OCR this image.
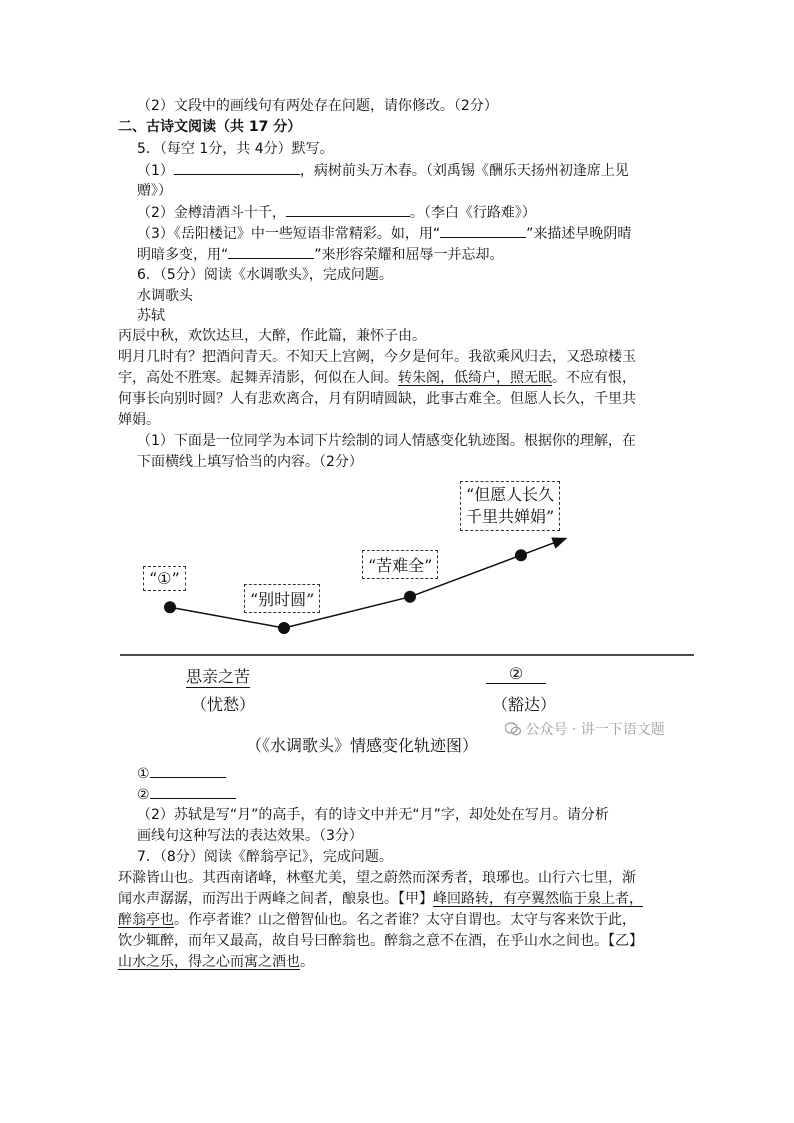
（2）文段中的画线句有两处存在问题，请你修改。（2分）
二、古诗文阅读（共 17 分）
5．（每空 1分，共 4分）默写。
（1）	，病树前头万木春。（刘禹锡《酬乐天扬州初逢席上见
赠》）
（2）金樽清酒斗十千，	。（李白《行路难》）
（3）《岳阳楼记》中一些短语非常精彩。如，用“	”来描述早晚阴晴
明暗多变，用“	”来形容荣耀和屈辱一并忘却。
6．（5分）阅读《水调歌头》，完成问题。
水调歌头
苏轼
丙辰中秋，欢饮达旦，大醉，作此篇，兼怀子由。
明月几时有？把酒问青天。不知天上宫阙，今夕是何年。我欲乘风归去，又恐琼楼玉
宇，高处不胜寒。起舞弄清影，何似在人间。转朱阁，低绮户，照无眠。不应有恨，
何事长向别时圆？人有悲欢离合，月有阴晴圆缺，此事古难全。但愿人长久，千里共
婵娟。
（1）下面是一位同学为本词下片绘制的词人情感变化轨迹图。根据你的理解，在
下面横线上填写恰当的内容。（2分）
“①”
“别时圆”
“苦难全”
“但愿人长久
千里共婵娟”
思亲之苦
（忧愁）
②
（豁达）
（《水调歌头》情感变化轨迹图）
公众号 · 讲一下语文题
①
②
（2）苏轼是写“月”的高手，有的诗文中并无“月”字，却处处在写月。请分析
画线句这种写法的表达效果。（3分）
7．（8分）阅读《醉翁亭记》，完成问题。
环滁皆山也。其西南诸峰，林壑尤美，望之蔚然而深秀者，琅琊也。山行六七里，渐
闻水声潺潺，而泻出于两峰之间者，酿泉也。【甲】峰回路转，有亭翼然临于泉上者，
醉翁亭也。作亭者谁？山之僧智仙也。名之者谁？太守自谓也。太守与客来饮于此，
饮少辄醉，而年又最高，故自号曰醉翁也。醉翁之意不在酒，在乎山水之间也。【乙】
山水之乐，得之心而寓之酒也。
